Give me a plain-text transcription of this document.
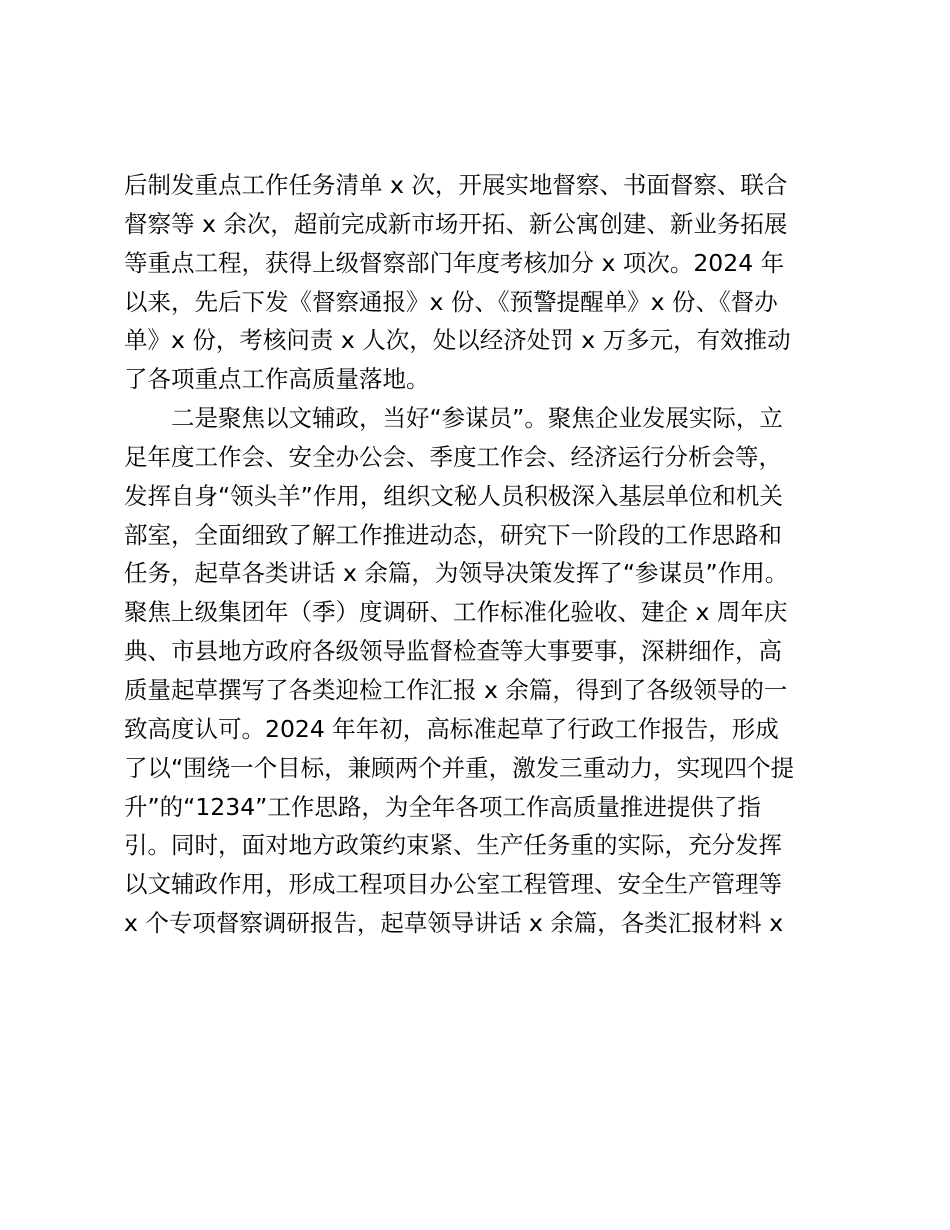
后制发重点工作任务清单 x 次，开展实地督察、书面督察、联合
督察等 x 余次，超前完成新市场开拓、新公寓创建、新业务拓展
等重点工程，获得上级督察部门年度考核加分 x 项次。2024 年
以来，先后下发《督察通报》x 份、《预警提醒单》x 份、《督办
单》x 份，考核问责 x 人次，处以经济处罚 x 万多元，有效推动
了各项重点工作高质量落地。
　　二是聚焦以文辅政，当好“参谋员”。聚焦企业发展实际，立
足年度工作会、安全办公会、季度工作会、经济运行分析会等，
发挥自身“领头羊”作用，组织文秘人员积极深入基层单位和机关
部室，全面细致了解工作推进动态，研究下一阶段的工作思路和
任务，起草各类讲话 x 余篇，为领导决策发挥了“参谋员”作用。
聚焦上级集团年（季）度调研、工作标准化验收、建企 x 周年庆
典、市县地方政府各级领导监督检查等大事要事，深耕细作，高
质量起草撰写了各类迎检工作汇报 x 余篇，得到了各级领导的一
致高度认可。2024 年年初，高标准起草了行政工作报告，形成
了以“围绕一个目标，兼顾两个并重，激发三重动力，实现四个提
升”的“1234”工作思路，为全年各项工作高质量推进提供了指
引。同时，面对地方政策约束紧、生产任务重的实际，充分发挥
以文辅政作用，形成工程项目办公室工程管理、安全生产管理等
x 个专项督察调研报告，起草领导讲话 x 余篇，各类汇报材料 x
